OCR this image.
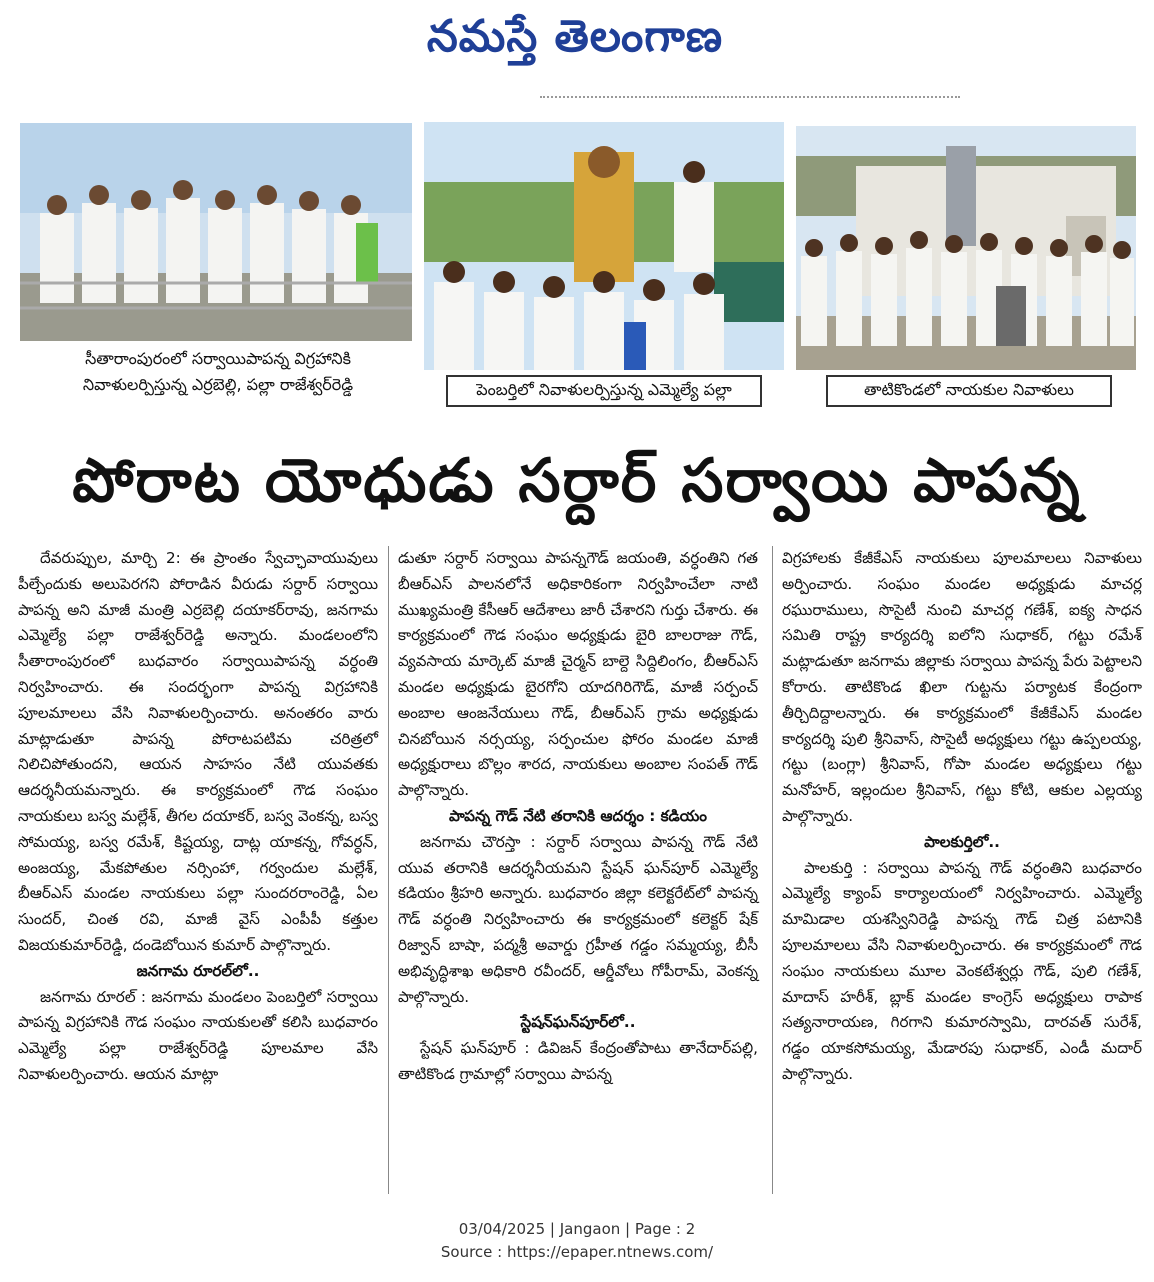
నమస్తే తెలంగాణ
సీతారాంపురంలో సర్వాయిపాపన్న విగ్రహానికి
నివాళులర్పిస్తున్న ఎర్రబెల్లి, పల్లా రాజేశ్వర్‌రెడ్డి	పెంబర్తిలో నివాళులర్పిస్తున్న ఎమ్మెల్యే పల్లా	తాటికొండలో నాయకుల నివాళులు
పోరాట యోధుడు సర్దార్ సర్వాయి పాపన్న

దేవరుప్పుల, మార్చి 2: ఈ ప్రాంతం స్వేచ్ఛావాయువులు పీల్చేందుకు అలుపెరగని పోరాడిన వీరుడు సర్దార్ సర్వాయి పాపన్న అని మాజీ మంత్రి ఎర్రబెల్లి దయాకర్‌రావు, జనగామ ఎమ్మెల్యే పల్లా రాజేశ్వర్‌రెడ్డి అన్నారు. మండలంలోని సీతారాంపురంలో బుధవారం సర్వాయిపాపన్న వర్ధంతి నిర్వహించారు. ఈ సందర్భంగా పాపన్న విగ్రహానికి పూలమాలలు వేసి నివాళులర్పించారు. అనంతరం వారు మాట్లాడుతూ పాపన్న పోరాటపటిమ చరిత్రలో నిలిచిపోతుందని, ఆయన సాహసం నేటి యువతకు ఆదర్శనీయమన్నారు. ఈ కార్యక్రమంలో గౌడ సంఘం నాయకులు బస్వ మల్లేశ్, తీగల దయాకర్, బస్వ వెంకన్న, బస్వ సోమయ్య, బస్వ రమేశ్, కిష్టయ్య, దాట్ల యాకన్న, గోవర్ధన్, అంజయ్య, మేకపోతుల నర్సింహా, గర్వందుల మల్లేశ్, బీఆర్‌ఎస్ మండల నాయకులు పల్లా సుందరరాంరెడ్డి, ఏల సుందర్, చింత రవి, మాజీ వైస్ ఎంపీపీ కత్తుల విజయకుమార్‌రెడ్డి, దండెబోయిన కుమార్ పాల్గొన్నారు.

జనగామ రూరల్‌లో..

జనగామ రూరల్ : జనగామ మండలం పెంబర్తిలో సర్వాయి పాపన్న విగ్రహానికి గౌడ సంఘం నాయకులతో కలిసి బుధవారం ఎమ్మెల్యే పల్లా రాజేశ్వర్‌రెడ్డి పూలమాల వేసి నివాళులర్పించారు. ఆయన మాట్లా

డుతూ సర్దార్ సర్వాయి పాపన్నగౌడ్ జయంతి, వర్ధంతిని గత బీఆర్‌ఎస్ పాలనలోనే అధికారికంగా నిర్వహించేలా నాటి ముఖ్యమంత్రి కేసీఆర్ ఆదేశాలు జారీ చేశారని గుర్తు చేశారు. ఈ కార్యక్రమంలో గౌడ సంఘం అధ్యక్షుడు బైరి బాలరాజు గౌడ్, వ్యవసాయ మార్కెట్ మాజీ చైర్మన్ బాల్దె సిద్దిలింగం, బీఆర్‌ఎస్ మండల అధ్యక్షుడు బైరగోని యాదగిరిగౌడ్, మాజీ సర్పంచ్ అంబాల ఆంజనేయులు గౌడ్, బీఆర్‌ఎస్ గ్రామ అధ్యక్షుడు చినబోయిన నర్సయ్య, సర్పంచుల ఫోరం మండల మాజీ అధ్యక్షురాలు బొల్లం శారద, నాయకులు అంబాల సంపత్ గౌడ్ పాల్గొన్నారు.

పాపన్న గౌడ్ నేటి తరానికి ఆదర్శం : కడియం

జనగామ చౌరస్తా : సర్దార్ సర్వాయి పాపన్న గౌడ్ నేటి యువ తరానికి ఆదర్శనీయమని స్టేషన్ ఘన్‌పూర్ ఎమ్మెల్యే కడియం శ్రీహరి అన్నారు. బుధవారం జిల్లా కలెక్టరేట్‌లో పాపన్న గౌడ్ వర్ధంతి నిర్వహించారు ఈ కార్యక్రమంలో కలెక్టర్ షేక్ రిజ్వాన్ బాషా, పద్మశ్రీ అవార్డు గ్రహీత గడ్డం సమ్మయ్య, బీసీ అభివృద్ధిశాఖ అధికారి రవీందర్, ఆర్డీవోలు గోపీరామ్, వెంకన్న పాల్గొన్నారు.

స్టేషన్‌ఘన్‌పూర్‌లో..

స్టేషన్ ఘన్‌పూర్ : డివిజన్ కేంద్రంతోపాటు తానేదార్‌పల్లి, తాటికొండ గ్రామాల్లో సర్వాయి పాపన్న

విగ్రహాలకు కేజీకేఎస్ నాయకులు పూలమాలలు నివాళులు అర్పించారు. సంఘం మండల అధ్యక్షుడు మాచర్ల రఘురాములు, సొసైటీ నుంచి మాచర్ల గణేశ్, ఐక్య సాధన సమితి రాష్ట్ర కార్యదర్శి ఐలోని సుధాకర్, గట్టు రమేశ్ మట్లాడుతూ జనగామ జిల్లాకు సర్వాయి పాపన్న పేరు పెట్టాలని కోరారు. తాటికొండ ఖిలా గుట్టను పర్యాటక కేంద్రంగా తీర్చిదిద్దాలన్నారు. ఈ కార్యక్రమంలో కేజీకేఎస్ మండల కార్యదర్శి పులి శ్రీనివాస్, సొసైటీ అధ్యక్షులు గట్టు ఉప్పలయ్య, గట్టు (బంగ్లా) శ్రీనివాస్, గోపా మండల అధ్యక్షులు గట్టు మనోహర్, ఇల్లందుల శ్రీనివాస్, గట్టు కోటి, ఆకుల ఎల్లయ్య పాల్గొన్నారు.

పాలకుర్తిలో..

పాలకుర్తి : సర్వాయి పాపన్న గౌడ్ వర్ధంతిని బుధవారం ఎమ్మెల్యే క్యాంప్ కార్యాలయంలో నిర్వహించారు. ఎమ్మెల్యే మామిడాల యశస్వినిరెడ్డి పాపన్న గౌడ్ చిత్ర పటానికి పూలమాలలు వేసి నివాళులర్పించారు. ఈ కార్యక్రమంలో గౌడ సంఘం నాయకులు మూల వెంకటేశ్వర్లు గౌడ్, పులి గణేశ్, మాదాస్ హరీశ్, బ్లాక్ మండల కాంగ్రెస్ అధ్యక్షులు రాపాక సత్యనారాయణ, గిరగాని కుమారస్వామి, దారవత్ సురేశ్, గడ్డం యాకసోమయ్య, మేడారపు సుధాకర్, ఎండీ మదార్ పాల్గొన్నారు.

03/04/2025 | Jangaon | Page : 2
Source : https://epaper.ntnews.com/
